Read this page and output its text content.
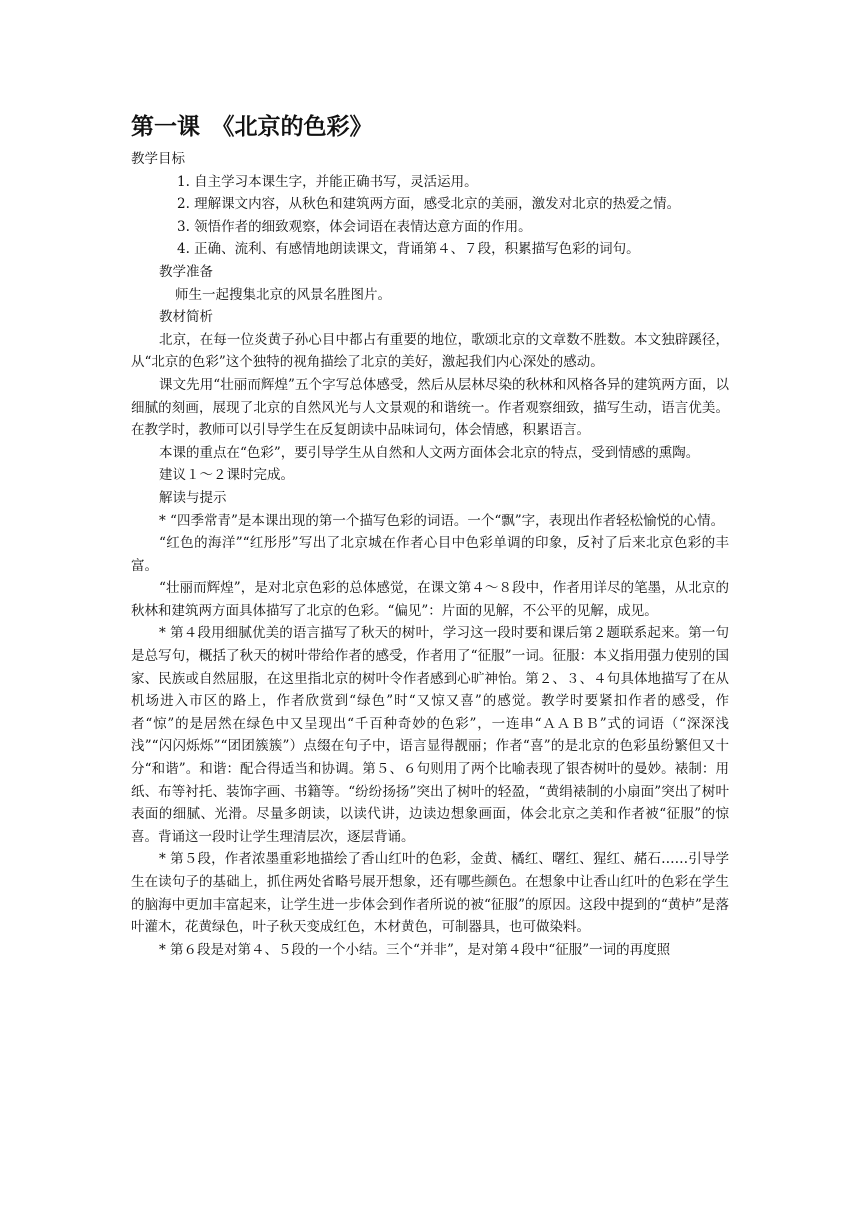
第一课　《北京的色彩》

教学目标

1. 自主学习本课生字，并能正确书写，灵活运用。

2. 理解课文内容，从秋色和建筑两方面，感受北京的美丽，激发对北京的热爱之情。

3. 领悟作者的细致观察，体会词语在表情达意方面的作用。

4. 正确、流利、有感情地朗读课文，背诵第４、７段，积累描写色彩的词句。

教学准备

师生一起搜集北京的风景名胜图片。

教材简析

北京，在每一位炎黄子孙心目中都占有重要的地位，歌颂北京的文章数不胜数。本文独辟蹊径，从“北京的色彩”这个独特的视角描绘了北京的美好，激起我们内心深处的感动。

课文先用“壮丽而辉煌”五个字写总体感受，然后从层林尽染的秋林和风格各异的建筑两方面，以细腻的刻画，展现了北京的自然风光与人文景观的和谐统一。作者观察细致，描写生动，语言优美。在教学时，教师可以引导学生在反复朗读中品味词句，体会情感，积累语言。

本课的重点在“色彩”，要引导学生从自然和人文两方面体会北京的特点，受到情感的熏陶。

建议１～２课时完成。

解读与提示

* “四季常青”是本课出现的第一个描写色彩的词语。一个“飘”字，表现出作者轻松愉悦的心情。

“红色的海洋”“红彤彤”写出了北京城在作者心目中色彩单调的印象，反衬了后来北京色彩的丰富。

“壮丽而辉煌”，是对北京色彩的总体感觉，在课文第４～８段中，作者用详尽的笔墨，从北京的秋林和建筑两方面具体描写了北京的色彩。“偏见”：片面的见解，不公平的见解，成见。

* 第４段用细腻优美的语言描写了秋天的树叶，学习这一段时要和课后第２题联系起来。第一句是总写句，概括了秋天的树叶带给作者的感受，作者用了“征服”一词。征服：本义指用强力使别的国家、民族或自然屈服，在这里指北京的树叶令作者感到心旷神怡。第２、３、４句具体地描写了在从机场进入市区的路上，作者欣赏到“绿色”时“又惊又喜”的感觉。教学时要紧扣作者的感受，作者“惊”的是居然在绿色中又呈现出“千百种奇妙的色彩”，一连串“ＡＡＢＢ”式的词语（“深深浅浅”“闪闪烁烁”“团团簇簇”）点缀在句子中，语言显得靓丽；作者“喜”的是北京的色彩虽纷繁但又十分“和谐”。和谐：配合得适当和协调。第５、６句则用了两个比喻表现了银杏树叶的曼妙。裱制：用纸、布等衬托、装饰字画、书籍等。“纷纷扬扬”突出了树叶的轻盈，“黄绢裱制的小扇面”突出了树叶表面的细腻、光滑。尽量多朗读，以读代讲，边读边想象画面，体会北京之美和作者被“征服”的惊喜。背诵这一段时让学生理清层次，逐层背诵。

* 第５段，作者浓墨重彩地描绘了香山红叶的色彩，金黄、橘红、曙红、猩红、赭石……引导学生在读句子的基础上，抓住两处省略号展开想象，还有哪些颜色。在想象中让香山红叶的色彩在学生的脑海中更加丰富起来，让学生进一步体会到作者所说的被“征服”的原因。这段中提到的“黄栌”是落叶灌木，花黄绿色，叶子秋天变成红色，木材黄色，可制器具，也可做染料。

* 第６段是对第４、５段的一个小结。三个“并非”，是对第４段中“征服”一词的再度照
